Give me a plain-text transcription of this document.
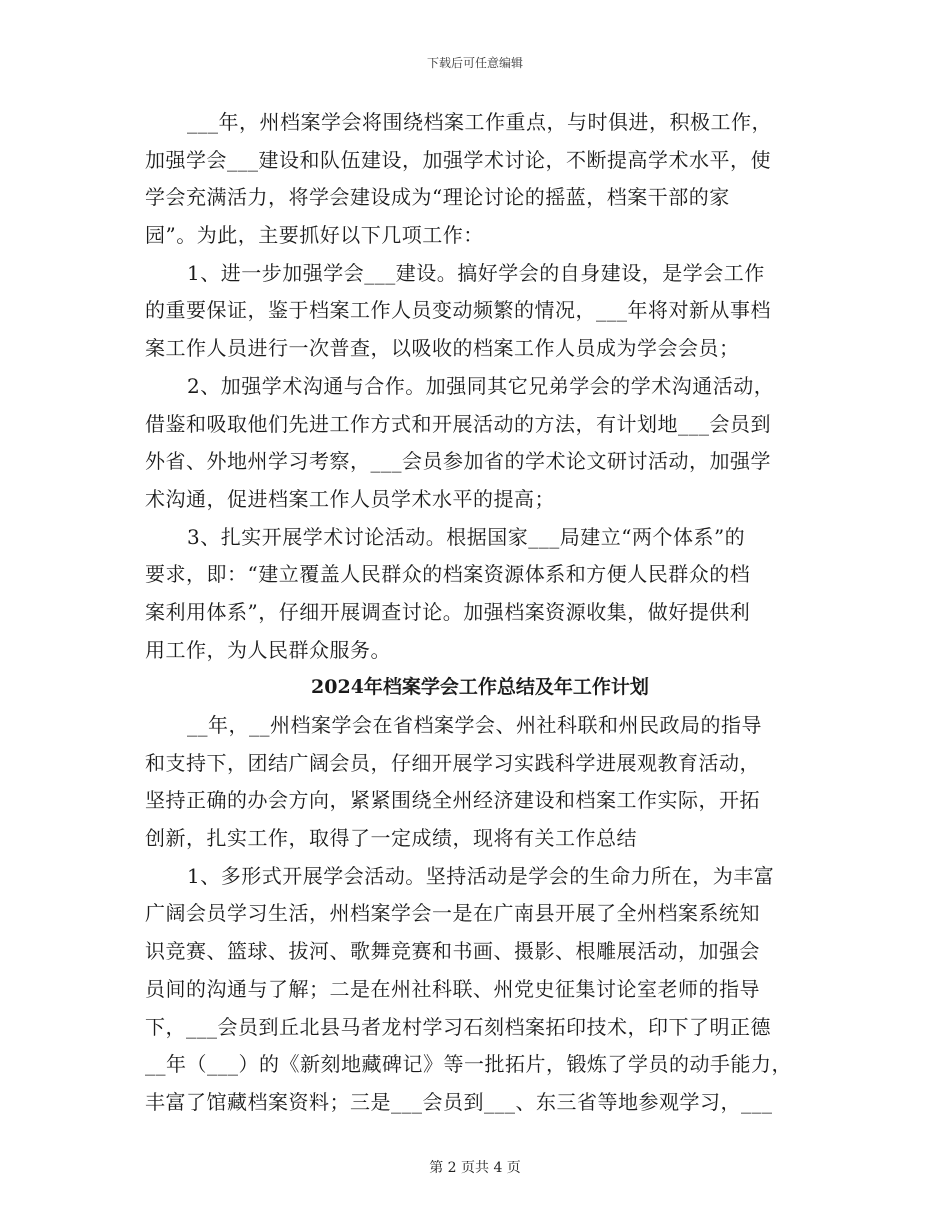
下载后可任意编辑
___年，州档案学会将围绕档案工作重点，与时俱进，积极工作，
加强学会___建设和队伍建设，加强学术讨论，不断提高学术水平，使
学会充满活力，将学会建设成为“理论讨论的摇蓝，档案干部的家
园”。为此，主要抓好以下几项工作：
1、进一步加强学会___建设。搞好学会的自身建设，是学会工作
的重要保证，鉴于档案工作人员变动频繁的情况，___年将对新从事档
案工作人员进行一次普查，以吸收的档案工作人员成为学会会员；
2、加强学术沟通与合作。加强同其它兄弟学会的学术沟通活动，
借鉴和吸取他们先进工作方式和开展活动的方法，有计划地___会员到
外省、外地州学习考察，___会员参加省的学术论文研讨活动，加强学
术沟通，促进档案工作人员学术水平的提高；
3、扎实开展学术讨论活动。根据国家___局建立“两个体系”的
要求，即：“建立覆盖人民群众的档案资源体系和方便人民群众的档
案利用体系”，仔细开展调查讨论。加强档案资源收集，做好提供利
用工作，为人民群众服务。
2024年档案学会工作总结及年工作计划
__年，__州档案学会在省档案学会、州社科联和州民政局的指导
和支持下，团结广阔会员，仔细开展学习实践科学进展观教育活动，
坚持正确的办会方向，紧紧围绕全州经济建设和档案工作实际，开拓
创新，扎实工作，取得了一定成绩，现将有关工作总结
1、多形式开展学会活动。坚持活动是学会的生命力所在，为丰富
广阔会员学习生活，州档案学会一是在广南县开展了全州档案系统知
识竞赛、篮球、拔河、歌舞竞赛和书画、摄影、根雕展活动，加强会
员间的沟通与了解；二是在州社科联、州党史征集讨论室老师的指导
下，___会员到丘北县马者龙村学习石刻档案拓印技术，印下了明正德
__年（___）的《新刻地藏碑记》等一批拓片，锻炼了学员的动手能力，
丰富了馆藏档案资料；三是___会员到___、东三省等地参观学习，___
第 2 页共 4 页
